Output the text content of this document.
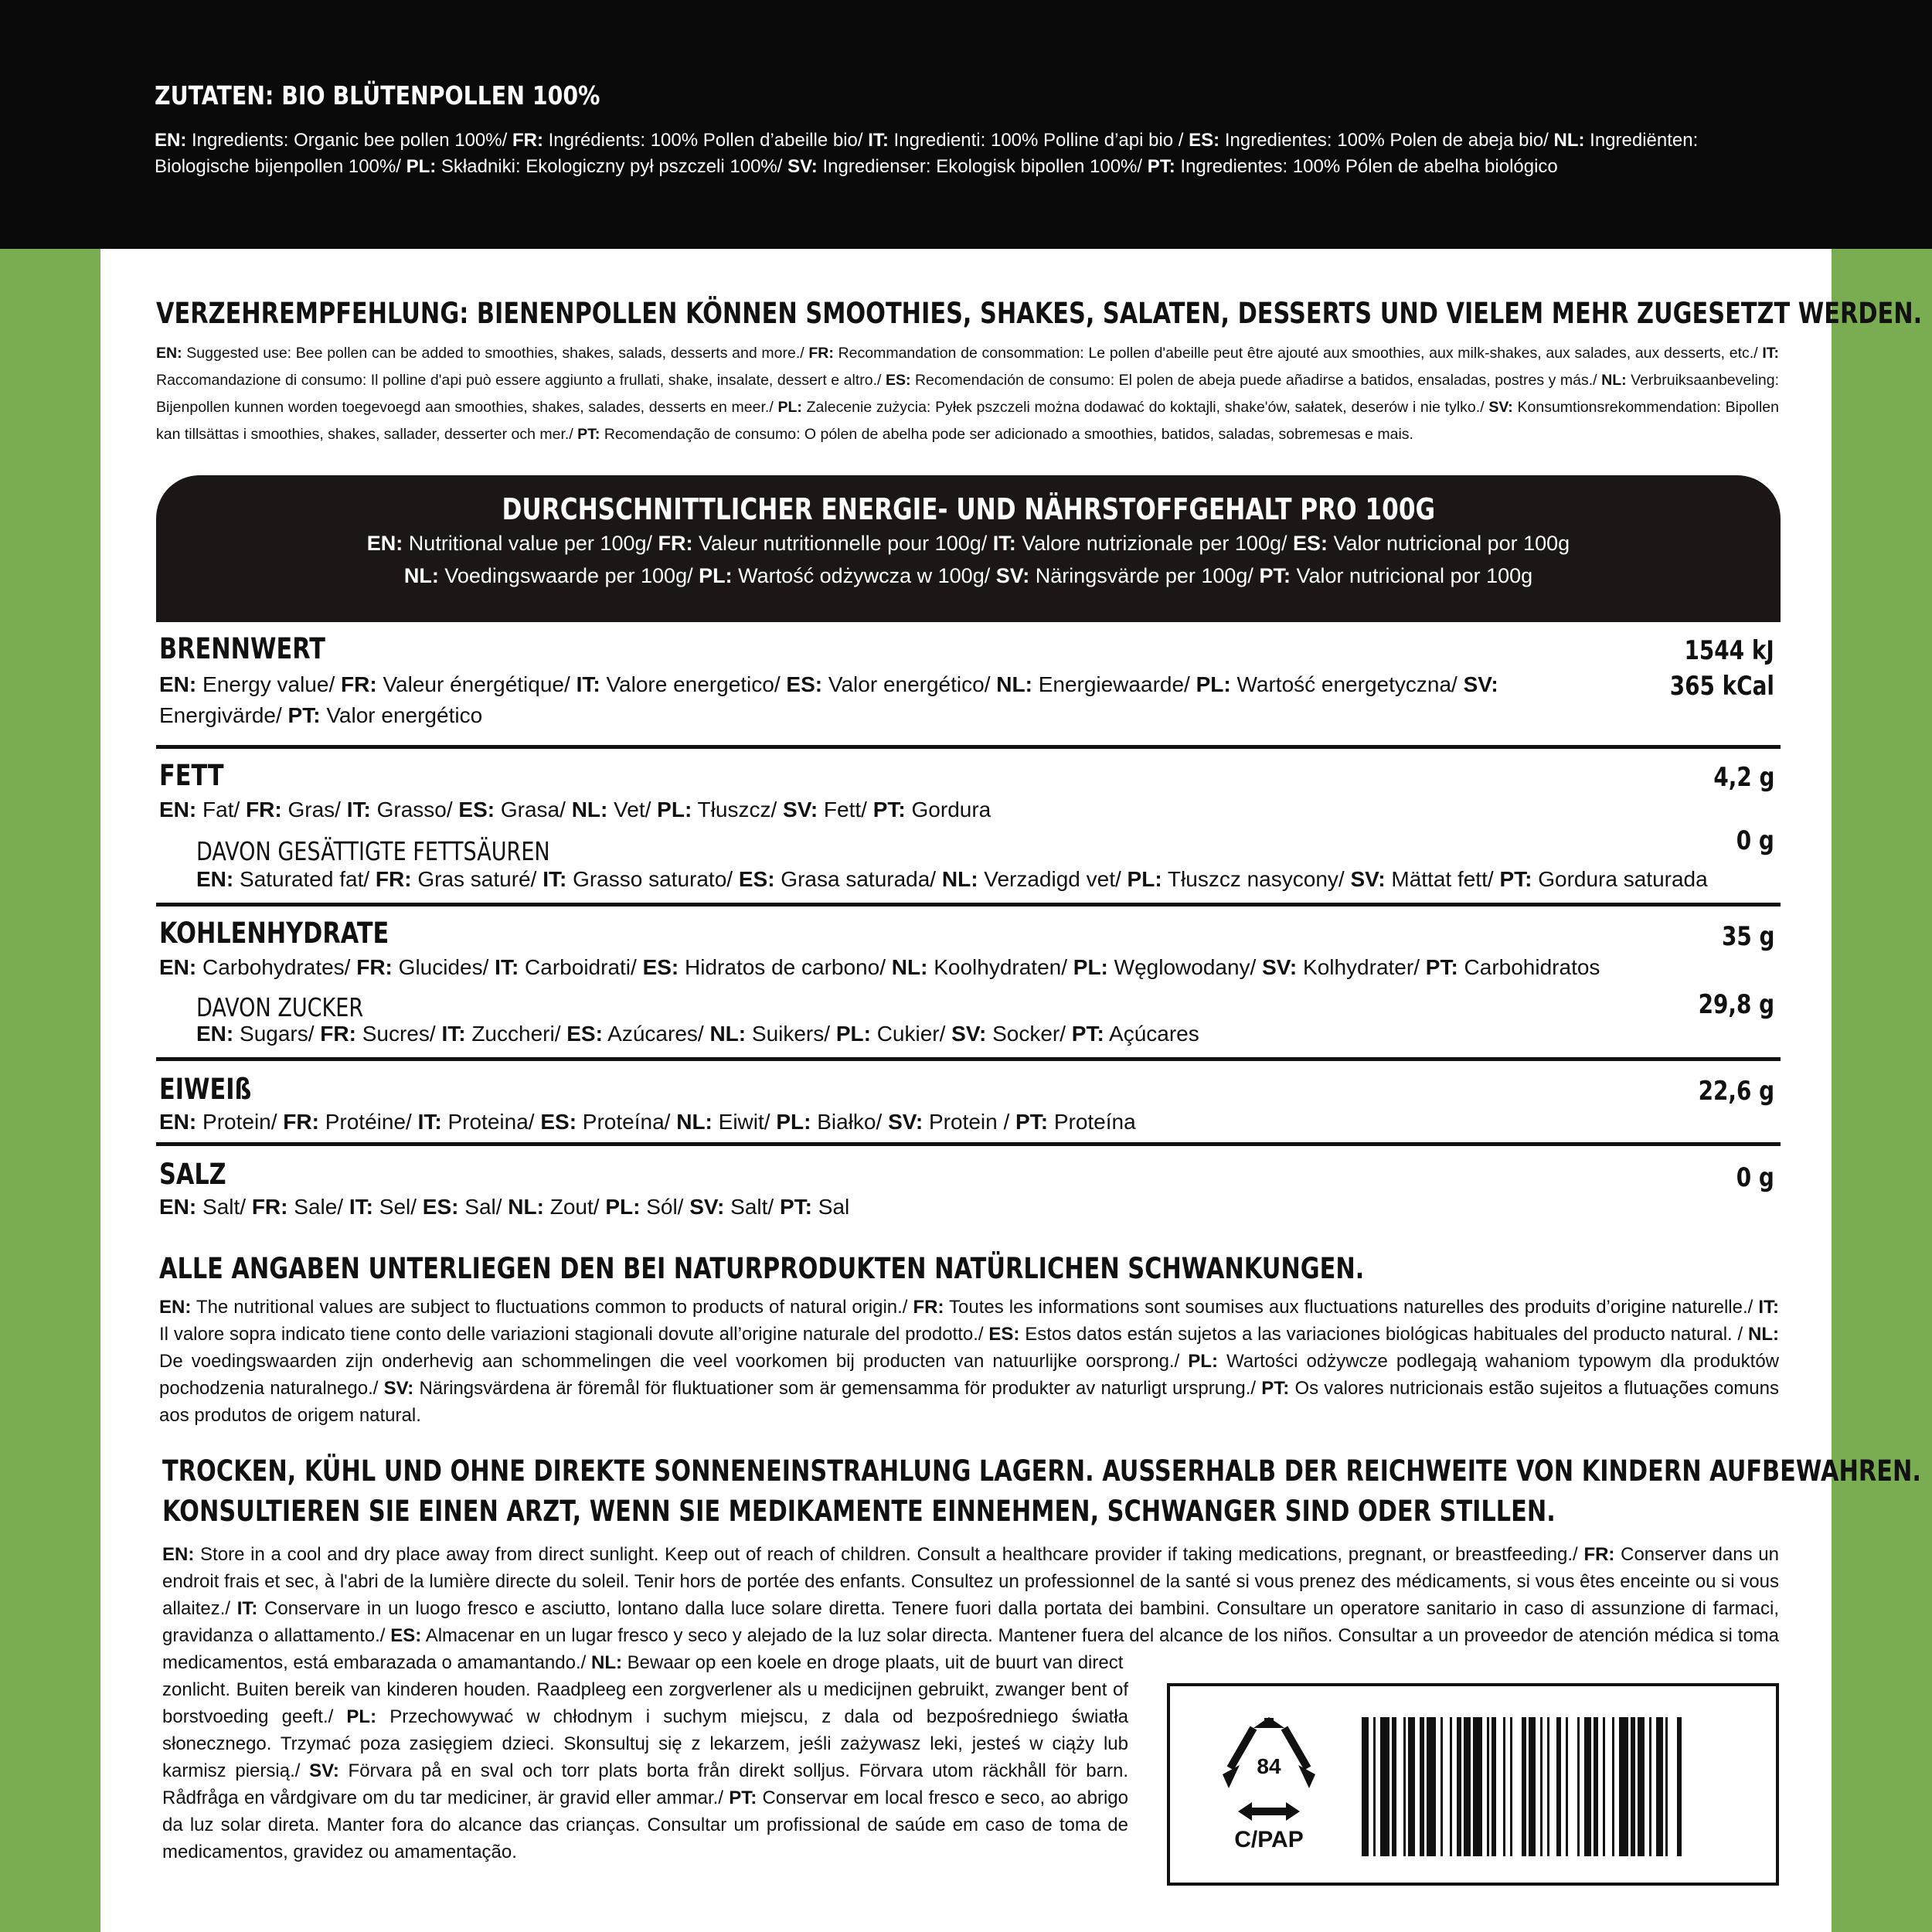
ZUTATEN: BIO BLÜTENPOLLEN 100%

EN: Ingredients: Organic bee pollen 100%/ FR: Ingrédients: 100% Pollen d’abeille bio/ IT: Ingredienti: 100% Polline d’api bio / ES: Ingredientes: 100% Polen de abeja bio/ NL: Ingrediënten: Biologische bijenpollen 100%/ PL: Składniki: Ekologiczny pył pszczeli 100%/ SV: Ingredienser: Ekologisk bipollen 100%/ PT: Ingredientes: 100% Pólen de abelha biológico

VERZEHREMPFEHLUNG: BIENENPOLLEN KÖNNEN SMOOTHIES, SHAKES, SALATEN, DESSERTS UND VIELEM MEHR ZUGESETZT WERDEN.
EN: Suggested use: Bee pollen can be added to smoothies, shakes, salads, desserts and more./ FR: Recommandation de consommation: Le pollen d'abeille peut être ajouté aux smoothies, aux milk-shakes, aux salades, aux desserts, etc./ IT: Raccomandazione di consumo: Il polline d'api può essere aggiunto a frullati, shake, insalate, dessert e altro./ ES: Recomendación de consumo: El polen de abeja puede añadirse a batidos, ensaladas, postres y más./ NL: Verbruiksaanbeveling: Bijenpollen kunnen worden toegevoegd aan smoothies, shakes, salades, desserts en meer./ PL: Zalecenie zużycia: Pyłek pszczeli można dodawać do koktajli, shake'ów, sałatek, deserów i nie tylko./ SV: Konsumtionsrekommendation: Bipollen kan tillsättas i smoothies, shakes, sallader, desserter och mer./ PT: Recomendação de consumo: O pólen de abelha pode ser adicionado a smoothies, batidos, saladas, sobremesas e mais.
DURCHSCHNITTLICHER ENERGIE- UND NÄHRSTOFFGEHALT PRO 100G
EN: Nutritional value per 100g/ FR: Valeur nutritionnelle pour 100g/ IT: Valore nutrizionale per 100g/ ES: Valor nutricional por 100g
NL: Voedingswaarde per 100g/ PL: Wartość odżywcza w 100g/ SV: Näringsvärde per 100g/ PT: Valor nutricional por 100g
BRENNWERT
EN: Energy value/ FR: Valeur énergétique/ IT: Valore energetico/ ES: Valor energético/ NL: Energiewaarde/ PL: Wartość energetyczna/ SV: Energivärde/ PT: Valor energético
1544 kJ
365 kCal
FETT
EN: Fat/ FR: Gras/ IT: Grasso/ ES: Grasa/ NL: Vet/ PL: Tłuszcz/ SV: Fett/ PT: Gordura
4,2 g
DAVON GESÄTTIGTE FETTSÄUREN
EN: Saturated fat/ FR: Gras saturé/ IT: Grasso saturato/ ES: Grasa saturada/ NL: Verzadigd vet/ PL: Tłuszcz nasycony/ SV: Mättat fett/ PT: Gordura saturada
0 g
KOHLENHYDRATE
EN: Carbohydrates/ FR: Glucides/ IT: Carboidrati/ ES: Hidratos de carbono/ NL: Koolhydraten/ PL: Węglowodany/ SV: Kolhydrater/ PT: Carbohidratos
35 g
DAVON ZUCKER
EN: Sugars/ FR: Sucres/ IT: Zuccheri/ ES: Azúcares/ NL: Suikers/ PL: Cukier/ SV: Socker/ PT: Açúcares
29,8 g
EIWEIß
EN: Protein/ FR: Protéine/ IT: Proteina/ ES: Proteína/ NL: Eiwit/ PL: Białko/ SV: Protein / PT: Proteína
22,6 g
SALZ
EN: Salt/ FR: Sale/ IT: Sel/ ES: Sal/ NL: Zout/ PL: Sól/ SV: Salt/ PT: Sal
0 g
ALLE ANGABEN UNTERLIEGEN DEN BEI NATURPRODUKTEN NATÜRLICHEN SCHWANKUNGEN.
EN: The nutritional values are subject to fluctuations common to products of natural origin./ FR: Toutes les informations sont soumises aux fluctuations naturelles des produits d’origine naturelle./ IT: Il valore sopra indicato tiene conto delle variazioni stagionali dovute all’origine naturale del prodotto./ ES: Estos datos están sujetos a las variaciones biológicas habituales del producto natural. / NL: De voedingswaarden zijn onderhevig aan schommelingen die veel voorkomen bij producten van natuurlijke oorsprong./ PL: Wartości odżywcze podlegają wahaniom typowym dla produktów pochodzenia naturalnego./ SV: Näringsvärdena är föremål för fluktuationer som är gemensamma för produkter av naturligt ursprung./ PT: Os valores nutricionais estão sujeitos a flutuações comuns aos produtos de origem natural.
TROCKEN, KÜHL UND OHNE DIREKTE SONNENEINSTRAHLUNG LAGERN. AUSSERHALB DER REICHWEITE VON KINDERN AUFBEWAHREN.
KONSULTIEREN SIE EINEN ARZT, WENN SIE MEDIKAMENTE EINNEHMEN, SCHWANGER SIND ODER STILLEN.
EN: Store in a cool and dry place away from direct sunlight. Keep out of reach of children. Consult a healthcare provider if taking medications, pregnant, or breastfeeding./ FR: Conserver dans un endroit frais et sec, à l'abri de la lumière directe du soleil. Tenir hors de portée des enfants. Consultez un professionnel de la santé si vous prenez des médicaments, si vous êtes enceinte ou si vous allaitez./ IT: Conservare in un luogo fresco e asciutto, lontano dalla luce solare diretta. Tenere fuori dalla portata dei bambini. Consultare un operatore sanitario in caso di assunzione di farmaci, gravidanza o allattamento./ ES: Almacenar en un lugar fresco y seco y alejado de la luz solar directa. Mantener fuera del alcance de los niños. Consultar a un proveedor de atención médica si toma medicamentos, está embarazada o amamantando./ NL: Bewaar op een koele en droge plaats, uit de buurt van direct
zonlicht. Buiten bereik van kinderen houden. Raadpleeg een zorgverlener als u medicijnen gebruikt, zwanger bent of borstvoeding geeft./ PL: Przechowywać w chłodnym i suchym miejscu, z dala od bezpośredniego światła słonecznego. Trzymać poza zasięgiem dzieci. Skonsultuj się z lekarzem, jeśli zażywasz leki, jesteś w ciąży lub karmisz piersią./ SV: Förvara på en sval och torr plats borta från direkt solljus. Förvara utom räckhåll för barn. Rådfråga en vårdgivare om du tar mediciner, är gravid eller ammar./ PT: Conservar em local fresco e seco, ao abrigo da luz solar direta. Manter fora do alcance das crianças. Consultar um profissional de saúde em caso de toma de medicamentos, gravidez ou amamentação.
84
C/PAP
